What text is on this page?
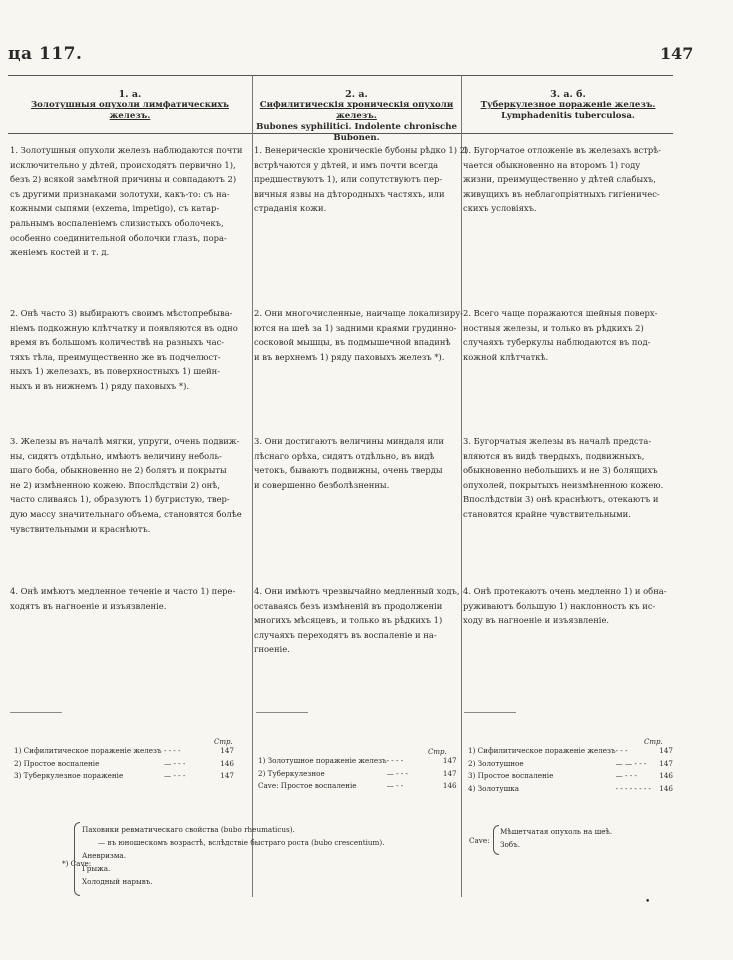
ца 117.	147
1. а.
Золотушныя опухоли лимфатическихъ железъ.
2. а.
Сифилитическія хроническія опухоли железъ.
Bubones syphilitici. Indolente chronische Bubonen.
3. а. б.
Туберкулезное пораженіе железъ.
Lymphadenitis tuberculosa.
1. Золотушныя опухоли железъ наблюдаются почти
исключительно у дѣтей, происходятъ первично 1),
безъ 2) всякой замѣтной причины и совпадаютъ 2)
съ другими признаками золотухи, какъ-то: съ на-
кожными сыпями (exzema, impetigo), съ катар-
ральнымъ воспаленіемъ слизистыхъ оболочекъ,
особенно соединительной оболочки глазъ, пора-
женіемъ костей и т. д.
1. Венерическіе хроническіе бубоны рѣдко 1) 2)
встрѣчаются у дѣтей, и имъ почти всегда
предшествуютъ 1), или сопутствуютъ пер-
вичныя язвы на дѣтородныхъ частяхъ, или
страданія кожи.
1. Бугорчатое отложеніе въ железахъ встрѣ-
чается обыкновенно на второмъ 1) году
жизни, преимущественно у дѣтей слабыхъ,
живущихъ въ неблагопріятныхъ гигіеничес-
скихъ условіяхъ.
2. Онѣ часто 3) выбираютъ своимъ мѣстопребыва-
ніемъ подкожную клѣтчатку и появляются въ одно
время въ большомъ количествѣ на разныхъ час-
тяхъ тѣла, преимущественно же въ подчелюст-
ныхъ 1) железахъ, въ поверхностныхъ 1) шейн-
ныхъ и въ нижнемъ 1) ряду паховыхъ *).
2. Они многочисленные, наичаще локализиру-
ются на шеѣ за 1) задними краями грудинно-
сосковой мышцы, въ подмышечной впадинѣ
и въ верхнемъ 1) ряду паховыхъ железъ *).
2. Всего чаще поражаются шейныя поверх-
ностныя железы, и только въ рѣдкихъ 2)
случаяхъ туберкулы наблюдаются въ под-
кожной клѣтчаткѣ.
3. Железы въ началѣ мягки, упруги, очень подвиж-
ны, сидятъ отдѣльно, имѣютъ величину неболь-
шаго боба, обыкновенно не 2) болятъ и покрыты
не 2) измѣненною кожею. Впослѣдствіи 2) онѣ,
часто сливаясь 1), образуютъ 1) бугристую, твер-
дую массу значительнаго объема, становятся болѣе
чувствительными и краснѣютъ.
3. Они достигаютъ величины миндаля или
лѣснаго орѣха, сидятъ отдѣльно, въ видѣ
четокъ, бываютъ подвижны, очень тверды
и совершенно безболѣзненны.
3. Бугорчатыя железы въ началѣ предста-
вляются въ видѣ твердыхъ, подвижныхъ,
обыкновенно небольшихъ и не 3) болящихъ
опухолей, покрытыхъ неизмѣненною кожею.
Впослѣдствіи 3) онѣ краснѣютъ, отекаютъ и
становятся крайне чувствительными.
4. Онѣ имѣютъ медленное теченіе и часто 1) пере-
ходятъ въ нагноеніе и изъязвленіе.
4. Они имѣютъ чрезвычайно медленный ходъ,
оставаясь безъ измѣненій въ продолженіи
многихъ мѣсяцевъ, и только въ рѣдкихъ 1)
случаяхъ переходятъ въ воспаленіе и на-
гноеніе.
4. Онѣ протекаютъ очень медленно 1) и обна-
руживаютъ большую 1) наклонность къ ис-
ходу въ нагноеніе и изъязвленіе.
Стр.
1) Сифилитическое пораженіе железъ	- - - -	147
2) Простое воспаленіе	— - - -	146
3) Туберкулезное пораженіе	— - - -	147
Стр.
1) Золотушное пораженіе железъ	- - - -	147
2) Туберкулезное	— - - -	147
Cave: Простое воспаленіе	— - -	146
Стр.
1) Сифилитическое пораженіе железъ	- - -	147
2) Золотушное	— — - - -	147
3) Простое воспаленіе	— - - -	146
4) Золотушка	- - - - - - - -	146
*) Cave:
Паховики ревматическаго свойства (bubo rheumaticus).
— въ юношескомъ возрастѣ, вслѣдствіе быстраго роста (bubo crescentium).
Аневризма.
Грыжа.
Холодный нарывъ.
Cave:
Мѣшетчатая опухоль на шеѣ.
Зобъ.
•
